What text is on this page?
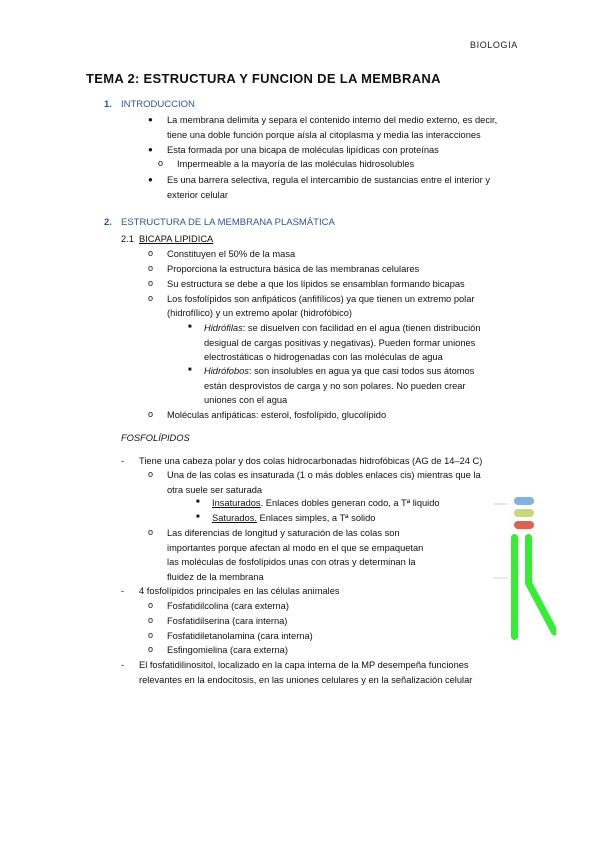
BIOLOGIA
TEMA 2: ESTRUCTURA Y FUNCION DE LA MEMBRANA
1. INTRODUCCION
● La membrana delimita y separa el contenido interno del medio externo, es decir,
tiene una doble función porque aísla al citoplasma y media las interacciones
● Esta formada por una bicapa de moléculas lipídicas con proteínas
o Impermeable a la mayoría de las moléculas hidrosolubles
● Es una barrera selectiva, regula el intercambio de sustancias entre el interior y
exterior celular
2. ESTRUCTURA DE LA MEMBRANA PLASMÁTICA
2.1 BICAPA LIPIDICA
o Constituyen el 50% de la masa
o Proporciona la estructura básica de las membranas celulares
o Su estructura se debe a que los lípidos se ensamblan formando bicapas
o Los fosfolípidos son anfipáticos (anfifílicos) ya que tienen un extremo polar
(hidrofílico) y un extremo apolar (hidrofóbico)
■ Hidrófilas: se disuelven con facilidad en el agua (tienen distribución
desigual de cargas positivas y negativas). Pueden formar uniones
electrostáticas o hidrogenadas con las moléculas de agua
■ Hidrófobos: son insolubles en agua ya que casi todos sus átomos
están desprovistos de carga y no son polares. No pueden crear
uniones con el agua
o Moléculas anfipáticas: esterol, fosfolípido, glucolípido
FOSFOLÍPIDOS
- Tiene una cabeza polar y dos colas hidrocarbonadas hidrofóbicas (AG de 14–24 C)
o Una de las colas es insaturada (1 o más dobles enlaces cis) mientras que la
otra suele ser saturada
■ Insaturados. Enlaces dobles generan codo, a Tª liquido
■ Saturados. Enlaces simples, a Tª solido
o Las diferencias de longitud y saturación de las colas son
importantes porque afectan al modo en el que se empaquetan
las moléculas de fosfolípidos unas con otras y determinan la
fluidez de la membrana
- 4 fosfolípidos principales en las células animales
o Fosfatidilcolina (cara externa)
o Fosfatidilserina (cara interna)
o Fosfatidiletanolamina (cara interna)
o Esfingomielina (cara externa)
- El fosfatidilinositol, localizado en la capa interna de la MP desempeña funciones
relevantes en la endocitosis, en las uniones celulares y en la señalización celular
